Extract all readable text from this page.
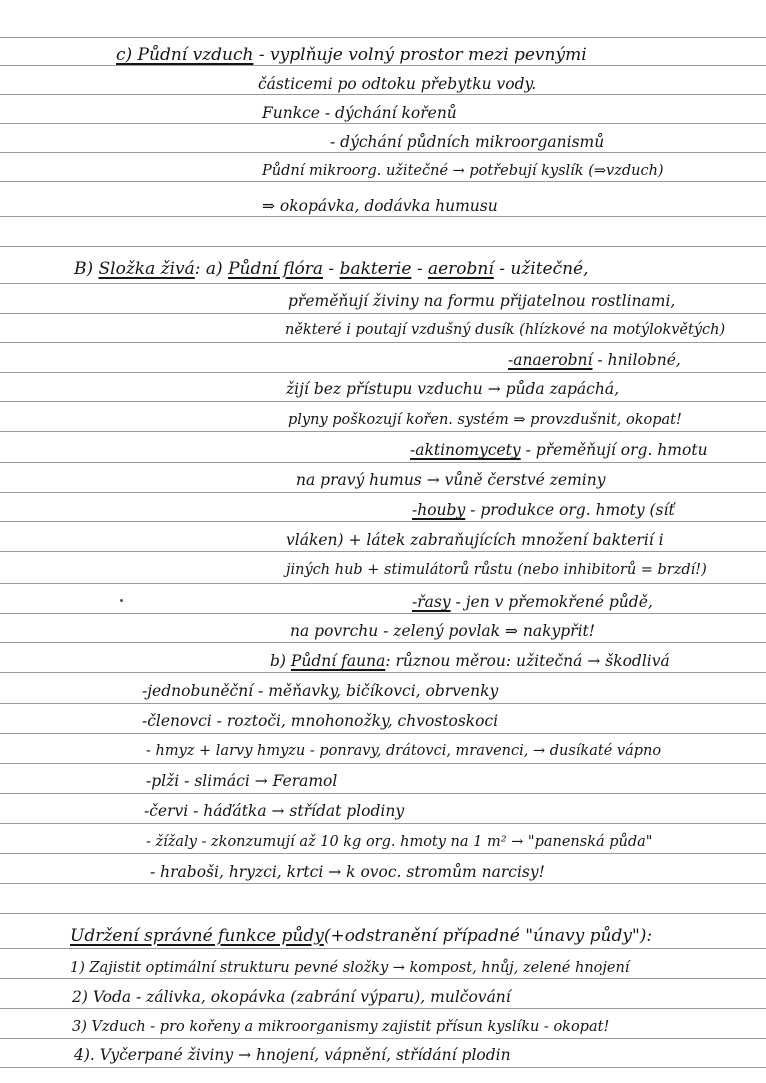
c) Půdní vzduch - vyplňuje volný prostor mezi pevnými
částicemi po odtoku přebytku vody.
Funkce - dýchání kořenů
- dýchání půdních mikroorganismů
Půdní mikroorg. užitečné → potřebují kyslík (⇒vzduch)
⇒ okopávka, dodávka humusu
B) Složka živá: a) Půdní flóra - bakterie - aerobní - užitečné,
přeměňují živiny na formu přijatelnou rostlinami,
některé i poutají vzdušný dusík (hlízkové na motýlokvětých)
-anaerobní - hnilobné,
žijí bez přístupu vzduchu → půda zapáchá,
plyny poškozují kořen. systém ⇒ provzdušnit, okopat!
-aktinomycety - přeměňují org. hmotu
na pravý humus → vůně čerstvé zeminy
-houby - produkce org. hmoty (síť
vláken) + látek zabraňujících množení bakterií i
jiných hub + stimulátorů růstu (nebo inhibitorů = brzdí!)
-řasy - jen v přemokřené půdě,
na povrchu - zelený povlak ⇒ nakypřit!
b) Půdní fauna: různou měrou: užitečná → škodlivá
-jednobuněční - měňavky, bičíkovci, obrvenky
-členovci - roztoči, mnohonožky, chvostoskoci
- hmyz + larvy hmyzu - ponravy, drátovci, mravenci, → dusíkaté vápno
-plži - slimáci → Feramol
-červi - háďátka → střídat plodiny
- žížaly - zkonzumují až 10 kg org. hmoty na 1 m² → "panenská půda"
- hraboši, hryzci, krtci → k ovoc. stromům narcisy!
Udržení správné funkce půdy(+odstranění případné "únavy půdy"):
1) Zajistit optimální strukturu pevné složky → kompost, hnůj, zelené hnojení
2) Voda - zálivka, okopávka (zabrání výparu), mulčování
3) Vzduch - pro kořeny a mikroorganismy zajistit přísun kyslíku - okopat!
4). Vyčerpané živiny → hnojení, vápnění, střídání plodin
